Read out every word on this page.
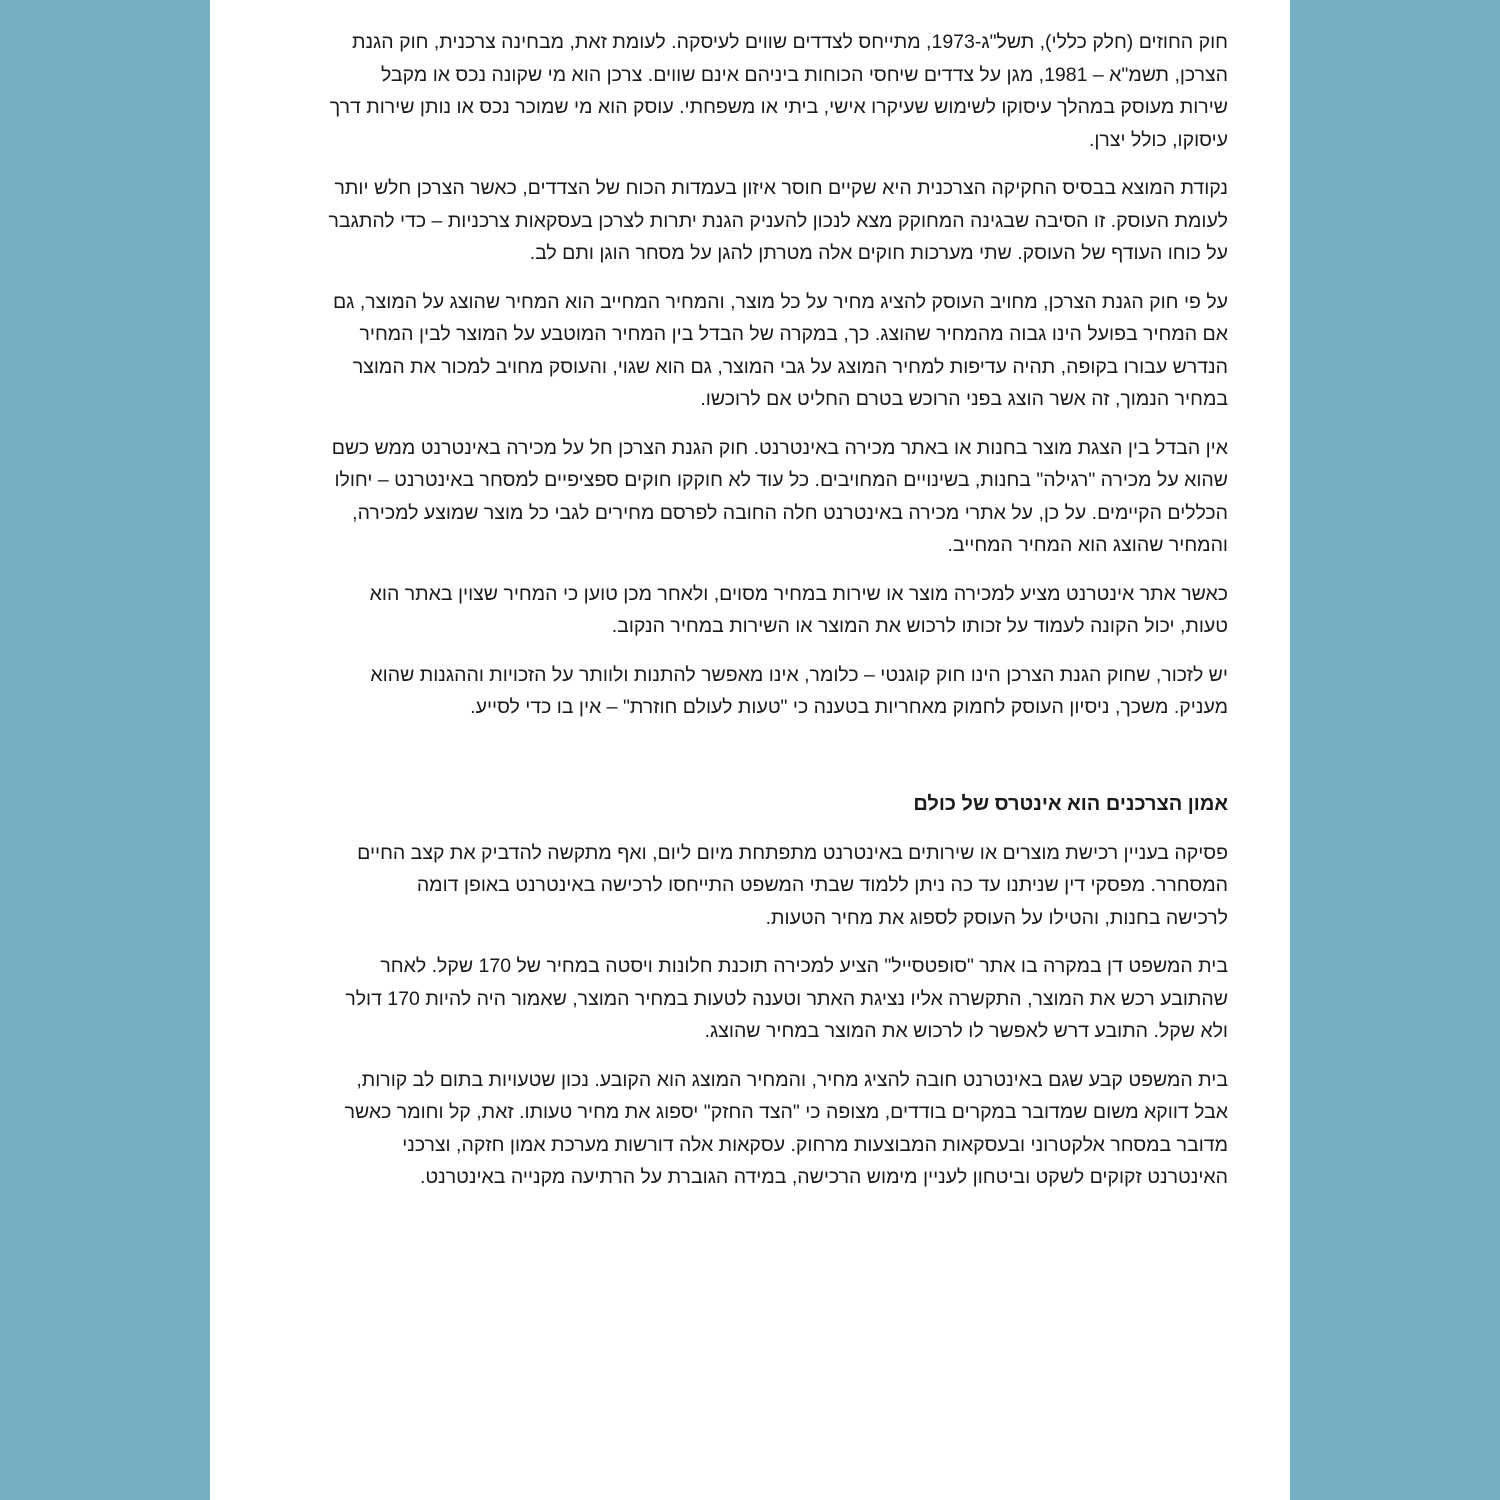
חוק החוזים (חלק כללי), תשל"ג-1973, מתייחס לצדדים שווים לעיסקה. לעומת זאת, מבחינה צרכנית, חוק הגנת הצרכן, תשמ"א – 1981, מגן על צדדים שיחסי הכוחות ביניהם אינם שווים. צרכן הוא מי שקונה נכס או מקבל שירות מעוסק במהלך עיסוקו לשימוש שעיקרו אישי, ביתי או משפחתי. עוסק הוא מי שמוכר נכס או נותן שירות דרך עיסוקו, כולל יצרן.

נקודת המוצא בבסיס החקיקה הצרכנית היא שקיים חוסר איזון בעמדות הכוח של הצדדים, כאשר הצרכן חלש יותר לעומת העוסק. זו הסיבה שבגינה המחוקק מצא לנכון להעניק הגנת יתרות לצרכן בעסקאות צרכניות – כדי להתגבר על כוחו העודף של העוסק. שתי מערכות חוקים אלה מטרתן להגן על מסחר הוגן ותם לב.

על פי חוק הגנת הצרכן, מחויב העוסק להציג מחיר על כל מוצר, והמחיר המחייב הוא המחיר שהוצג על המוצר, גם אם המחיר בפועל הינו גבוה מהמחיר שהוצג. כך, במקרה של הבדל בין המחיר המוטבע על המוצר לבין המחיר הנדרש עבורו בקופה, תהיה עדיפות למחיר המוצג על גבי המוצר, גם הוא שגוי, והעוסק מחויב למכור את המוצר במחיר הנמוך, זה אשר הוצג בפני הרוכש בטרם החליט אם לרוכשו.

אין הבדל בין הצגת מוצר בחנות או באתר מכירה באינטרנט. חוק הגנת הצרכן חל על מכירה באינטרנט ממש כשם שהוא על מכירה "רגילה" בחנות, בשינויים המחויבים. כל עוד לא חוקקו חוקים ספציפיים למסחר באינטרנט – יחולו הכללים הקיימים. על כן, על אתרי מכירה באינטרנט חלה החובה לפרסם מחירים לגבי כל מוצר שמוצע למכירה, והמחיר שהוצג הוא המחיר המחייב.

כאשר אתר אינטרנט מציע למכירה מוצר או שירות במחיר מסוים, ולאחר מכן טוען כי המחיר שצוין באתר הוא טעות, יכול הקונה לעמוד על זכותו לרכוש את המוצר או השירות במחיר הנקוב.

יש לזכור, שחוק הגנת הצרכן הינו חוק קוגנטי – כלומר, אינו מאפשר להתנות ולוותר על הזכויות וההגנות שהוא מעניק. משכך, ניסיון העוסק לחמוק מאחריות בטענה כי "טעות לעולם חוזרת" – אין בו כדי לסייע.

אמון הצרכנים הוא אינטרס של כולם

פסיקה בעניין רכישת מוצרים או שירותים באינטרנט מתפתחת מיום ליום, ואף מתקשה להדביק את קצב החיים המסחרר. מפסקי דין שניתנו עד כה ניתן ללמוד שבתי המשפט התייחסו לרכישה באינטרנט באופן דומה לרכישה בחנות, והטילו על העוסק לספוג את מחיר הטעות.

בית המשפט דן במקרה בו אתר "סופטסייל" הציע למכירה תוכנת חלונות ויסטה במחיר של 170 שקל. לאחר שהתובע רכש את המוצר, התקשרה אליו נציגת האתר וטענה לטעות במחיר המוצר, שאמור היה להיות 170 דולר ולא שקל. התובע דרש לאפשר לו לרכוש את המוצר במחיר שהוצג.

בית המשפט קבע שגם באינטרנט חובה להציג מחיר, והמחיר המוצג הוא הקובע. נכון שטעויות בתום לב קורות, אבל דווקא משום שמדובר במקרים בודדים, מצופה כי "הצד החזק" יספוג את מחיר טעותו. זאת, קל וחומר כאשר מדובר במסחר אלקטרוני ובעסקאות המבוצעות מרחוק. עסקאות אלה דורשות מערכת אמון חזקה, וצרכני האינטרנט זקוקים לשקט וביטחון לעניין מימוש הרכישה, במידה הגוברת על הרתיעה מקנייה באינטרנט.
